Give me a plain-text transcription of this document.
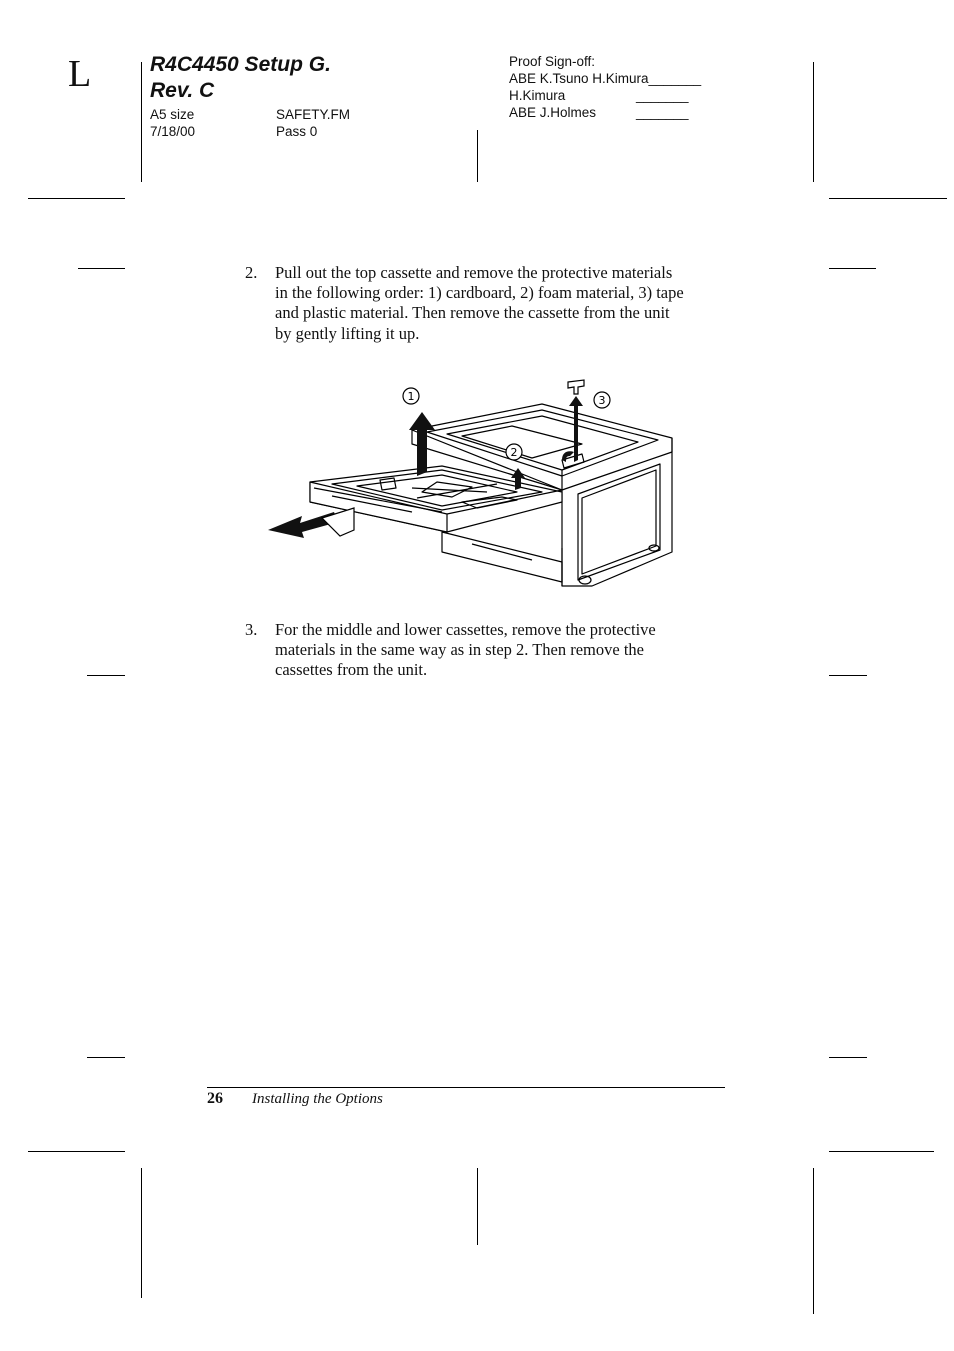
L	R4C4450 Setup G.
Rev. C
A5 size	SAFETY.FM
7/18/00	Pass 0
Proof Sign-off:
ABE K.Tsuno H.Kimura_______
H.Kimura	_______
ABE J.Holmes	_______
2. Pull out the top cassette and remove the protective materials
in the following order: 1) cardboard, 2) foam material, 3) tape
and plastic material. Then remove the cassette from the unit
by gently lifting it up.
1
2
3
3. For the middle and lower cassettes, remove the protective
materials in the same way as in step 2. Then remove the
cassettes from the unit.
26 Installing the Options
